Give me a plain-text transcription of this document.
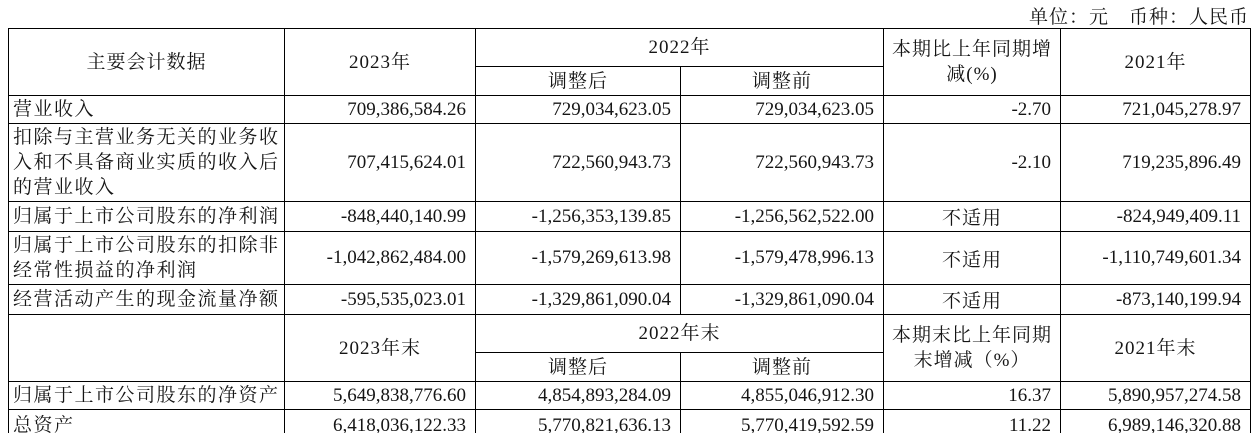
单位：元　币种：人民币
主要会计数据	2023年	2022年		本期比上年同期增减(%)	2021年
		调整后	调整前		
营业收入	709,386,584.26	729,034,623.05	729,034,623.05	-2.70	721,045,278.97
扣除与主营业务无关的业务收入和不具备商业实质的收入后的营业收入	707,415,624.01	722,560,943.73	722,560,943.73	-2.10	719,235,896.49
归属于上市公司股东的净利润	-848,440,140.99	-1,256,353,139.85	-1,256,562,522.00	不适用	-824,949,409.11
归属于上市公司股东的扣除非经常性损益的净利润	-1,042,862,484.00	-1,579,269,613.98	-1,579,478,996.13	不适用	-1,110,749,601.34
经营活动产生的现金流量净额	-595,535,023.01	-1,329,861,090.04	-1,329,861,090.04	不适用	-873,140,199.94
	2023年末	2022年末		本期末比上年同期末增减（%）	2021年末
		调整后	调整前		
归属于上市公司股东的净资产	5,649,838,776.60	4,854,893,284.09	4,855,046,912.30	16.37	5,890,957,274.58
总资产	6,418,036,122.33	5,770,821,636.13	5,770,419,592.59	11.22	6,989,146,320.88
